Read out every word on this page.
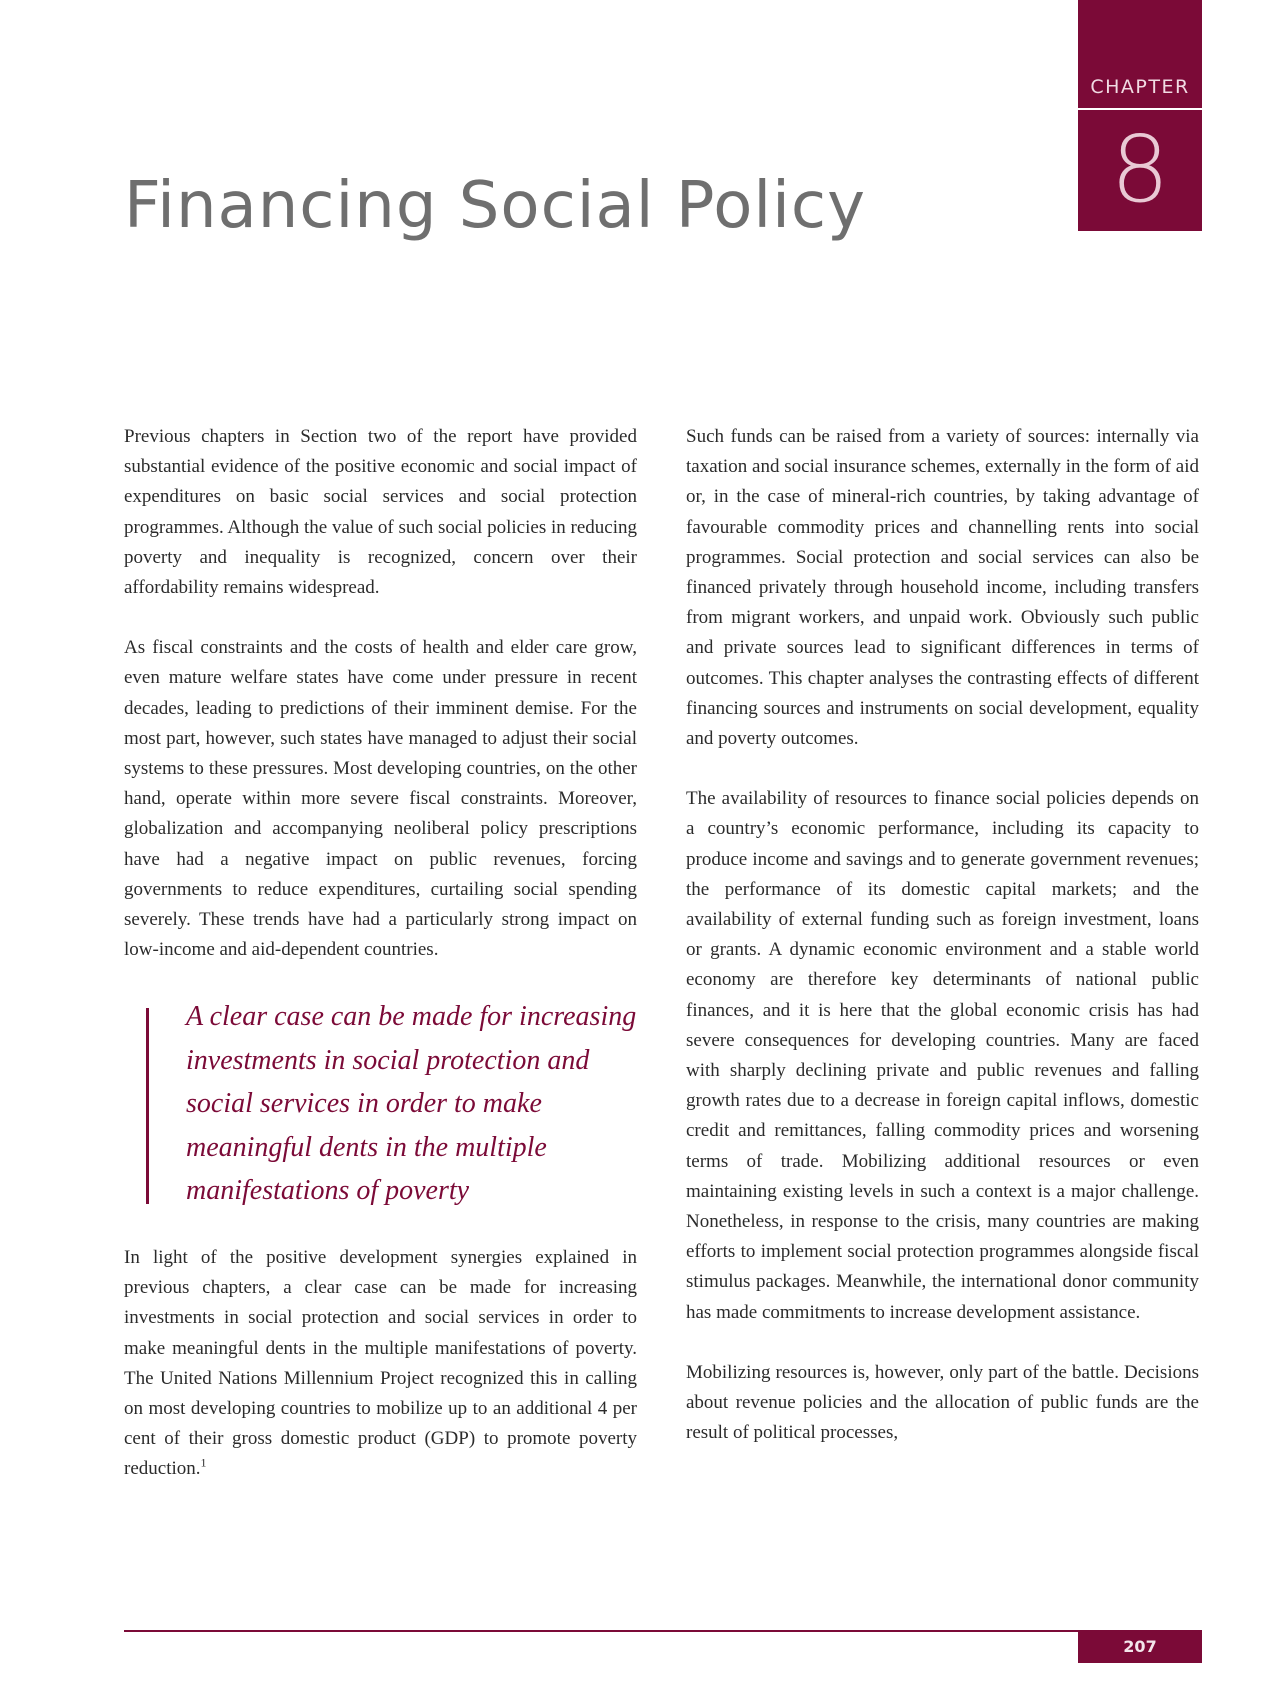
CHAPTER
8
Financing Social Policy

Previous chapters in Section two of the report have provided substantial evidence of the positive economic and social impact of expenditures on basic social services and social protection programmes. Although the value of such social policies in reducing poverty and inequality is recognized, concern over their affordability remains widespread.

As fiscal constraints and the costs of health and elder care grow, even mature welfare states have come under pressure in recent decades, leading to predictions of their imminent demise. For the most part, however, such states have managed to adjust their social systems to these pressures. Most developing countries, on the other hand, operate within more severe fiscal constraints. Moreover, globalization and accompanying neoliberal policy prescriptions have had a negative impact on public revenues, forcing governments to reduce expenditures, curtailing social spending severely. These trends have had a particularly strong impact on low-income and aid-dependent countries.

A clear case can be made for increasing investments in social protection and social services in order to make meaningful dents in the multiple manifestations of poverty

In light of the positive development synergies explained in previous chapters, a clear case can be made for increasing investments in social protection and social services in order to make meaningful dents in the multiple manifestations of poverty. The United Nations Millennium Project recognized this in calling on most developing countries to mobilize up to an additional 4 per cent of their gross domestic product (GDP) to promote poverty reduction.$^1$

Such funds can be raised from a variety of sources: internally via taxation and social insurance schemes, externally in the form of aid or, in the case of mineral-rich countries, by taking advantage of favourable commodity prices and channelling rents into social programmes. Social protection and social services can also be financed privately through household income, including transfers from migrant workers, and unpaid work. Obviously such public and private sources lead to significant differences in terms of outcomes. This chapter analyses the contrasting effects of different financing sources and instruments on social development, equality and poverty outcomes.

The availability of resources to finance social policies depends on a country’s economic performance, including its capacity to produce income and savings and to generate government revenues; the performance of its domestic capital markets; and the availability of external funding such as foreign investment, loans or grants. A dynamic economic environment and a stable world economy are therefore key determinants of national public finances, and it is here that the global economic crisis has had severe consequences for developing countries. Many are faced with sharply declining private and public revenues and falling growth rates due to a decrease in foreign capital inflows, domestic credit and remittances, falling commodity prices and worsening terms of trade. Mobilizing additional resources or even maintaining existing levels in such a context is a major challenge. Nonetheless, in response to the crisis, many countries are making efforts to implement social protection programmes alongside fiscal stimulus packages. Meanwhile, the international donor community has made commitments to increase development assistance.

Mobilizing resources is, however, only part of the battle. Decisions about revenue policies and the allocation of public funds are the result of political processes,

207
